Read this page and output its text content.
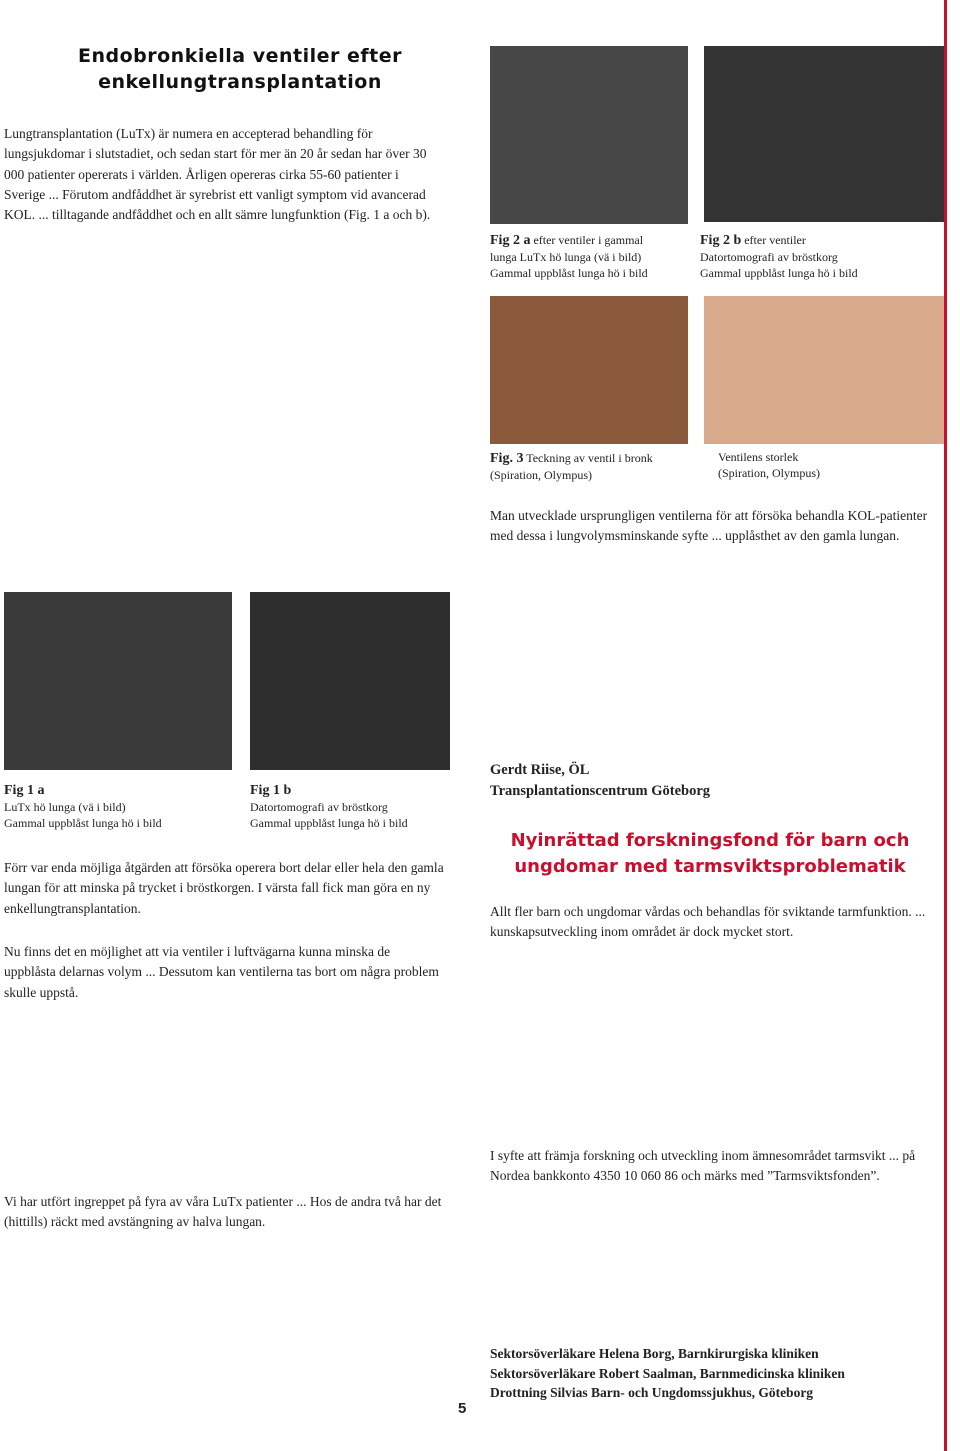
Endobronkiella ventiler efter enkellungtransplantation

Lungtransplantation (LuTx) är numera en accepterad behandling för lungsjukdomar i slutstadiet, och sedan start för mer än 20 år sedan har över 30 000 patienter opererats i världen. Årligen opereras cirka 55-60 patienter i Sverige ... Förutom andfåddhet är syrebrist ett vanligt symptom vid avancerad KOL. ... tilltagande andfåddhet och en allt sämre lungfunktion (Fig. 1 a och b).

Fig 1 a
LuTx hö lunga (vä i bild)
Gammal uppblåst lunga hö i bild
Fig 1 b
Datortomografi av bröstkorg
Gammal uppblåst lunga hö i bild

Förr var enda möjliga åtgärden att försöka operera bort delar eller hela den gamla lungan för att minska på trycket i bröstkorgen. I värsta fall fick man göra en ny enkellungtransplantation.

Nu finns det en möjlighet att via ventiler i luftvägarna kunna minska de uppblåsta delarnas volym ... Dessutom kan ventilerna tas bort om några problem skulle uppstå.

Vi har utfört ingreppet på fyra av våra LuTx patienter ... Hos de andra två har det (hittills) räckt med avstängning av halva lungan.

Fig 2 a efter ventiler i gammal
lunga LuTx hö lunga (vä i bild)
Gammal uppblåst lunga hö i bild
Fig 2 b efter ventiler
Datortomografi av bröstkorg
Gammal uppblåst lunga hö i bild
Fig. 3 Teckning av ventil i bronk
(Spiration, Olympus)
Ventilens storlek
(Spiration, Olympus)

Man utvecklade ursprungligen ventilerna för att försöka behandla KOL-patienter med dessa i lungvolymsminskande syfte ... upplåsthet av den gamla lungan.

Gerdt Riise, ÖL
Transplantationscentrum Göteborg
Nyinrättad forskningsfond för barn och ungdomar med tarmsviktsproblematik

Allt fler barn och ungdomar vårdas och behandlas för sviktande tarmfunktion. ... kunskapsutveckling inom området är dock mycket stort.

I syfte att främja forskning och utveckling inom ämnesområdet tarmsvikt ... på Nordea bankkonto 4350 10 060 86 och märks med ”Tarmsviktsfonden”.

Sektorsöverläkare Helena Borg, Barnkirurgiska kliniken
Sektorsöverläkare Robert Saalman, Barnmedicinska kliniken
Drottning Silvias Barn- och Ungdomssjukhus, Göteborg
5
